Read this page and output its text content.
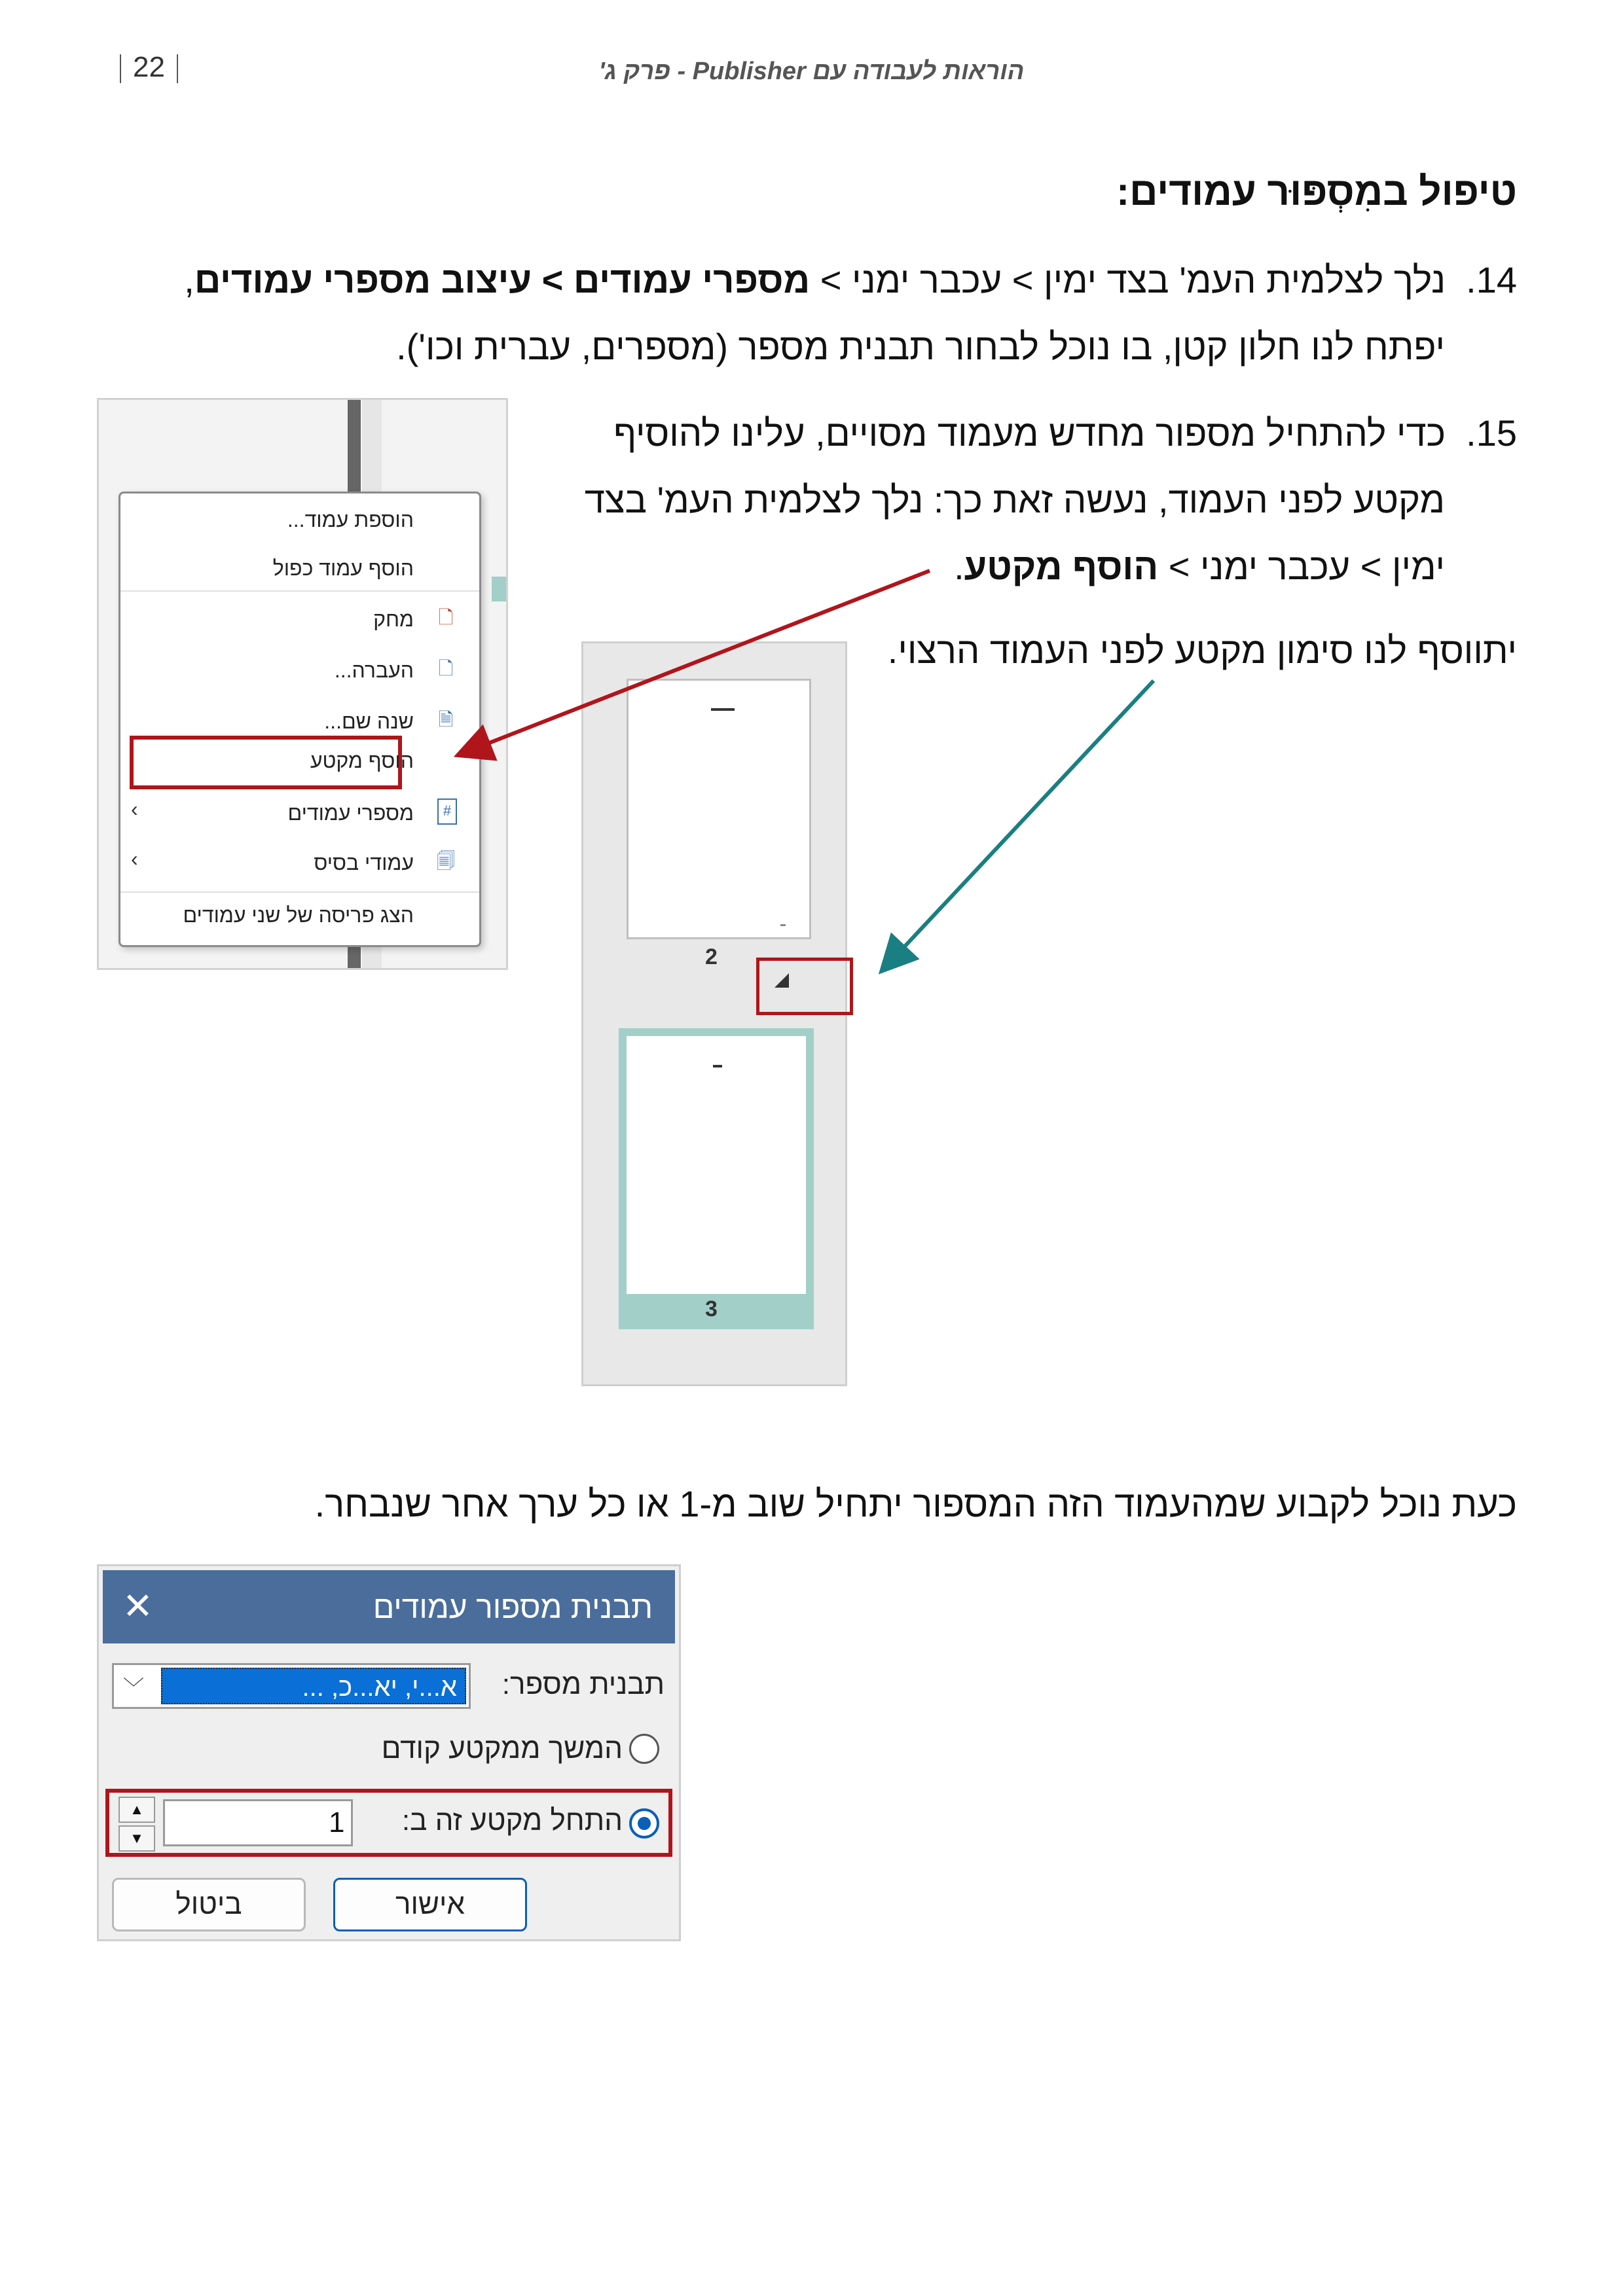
22	הוראות לעבודה עם Publisher - פרק ג'
טיפול במִסְפּוּר עמודים:
14.  נלך לצלמית העמ' בצד ימין > עכבר ימני > מספרי עמודים > עיצוב מספרי עמודים,
יפתח לנו חלון קטן, בו נוכל לבחור תבנית מספר (מספרים, עברית וכו').
15.  כדי להתחיל מספור מחדש מעמוד מסויים, עלינו להוסיף
מקטע לפני העמוד, נעשה זאת כך: נלך לצלמית העמ' בצד
ימין > עכבר ימני > הוסף מקטע.
יתווסף לנו סימון מקטע לפני העמוד הרצוי.
הוספת עמוד...
הוסף עמוד כפול
🗋
מחק
🗋
העברה...
🗎
שנה שם...
הוסף מקטע
#
‹	מספרי עמודים
🗐
‹	עמודי בסיס
הצג פריסה של שני עמודים
2
3
כעת נוכל לקבוע שמהעמוד הזה המספור יתחיל שוב מ-1 או כל ערך אחר שנבחר.
תבנית מספור עמודים
✕
תבנית מספר:
﹀	א...י, יא...כ, ...
המשך ממקטע קודם
התחל מקטע זה ב:
▲
▼	1
אישור
ביטול
